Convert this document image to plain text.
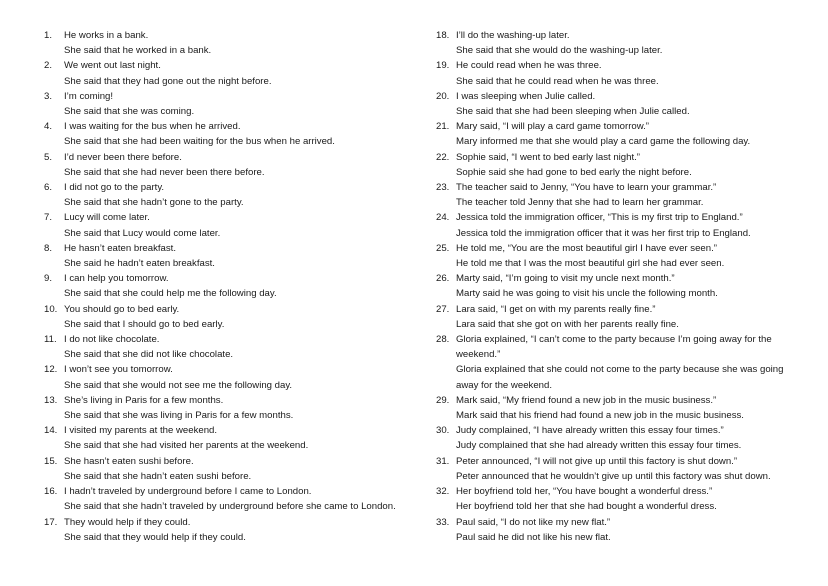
1.	He works in a bank.
She said that he worked in a bank.
2.	We went out last night.
She said that they had gone out the night before.
3.	I’m coming!
She said that she was coming.
4.	I was waiting for the bus when he arrived.
She said that she had been waiting for the bus when he arrived.
5.	I’d never been there before.
She said that she had never been there before.
6.	I did not go to the party.
She said that she hadn’t gone to the party.
7.	Lucy will come later.
She said that Lucy would come later.
8.	He hasn’t eaten breakfast.
She said he hadn’t eaten breakfast.
9.	I can help you tomorrow.
She said that she could help me the following day.
10. You should go to bed early.
She said that I should go to bed early.
11. I do not like chocolate.
She said that she did not like chocolate.
12. I won’t see you tomorrow.
She said that she would not see me the following day.
13. She’s living in Paris for a few months.
She said that she was living in Paris for a few months.
14. I visited my parents at the weekend.
She said that she had visited her parents at the weekend.
15. She hasn’t eaten sushi before.
She said that she hadn’t eaten sushi before.
16. I hadn’t traveled by underground before I came to London.
She said that she hadn’t traveled by underground before she came to London.
17. They would help if they could.
She said that they would help if they could.
18. I’ll do the washing-up later.
She said that she would do the washing-up later.
19. He could read when he was three.
She said that he could read when he was three.
20. I was sleeping when Julie called.
She said that she had been sleeping when Julie called.
21. Mary said, “I will play a card game tomorrow.”
Mary informed me that she would play a card game the following day.
22. Sophie said, “I went to bed early last night.”
Sophie said she had gone to bed early the night before.
23. The teacher said to Jenny, “You have to learn your grammar.”
The teacher told Jenny that she had to learn her grammar.
24. Jessica told the immigration officer, “This is my first trip to England.”
Jessica told the immigration officer that it was her first trip to England.
25. He told me, “You are the most beautiful girl I have ever seen.”
He told me that I was the most beautiful girl she had ever seen.
26. Marty said, “I’m going to visit my uncle next month.”
Marty said he was going to visit his uncle the following month.
27. Lara said, “I get on with my parents really fine.”
Lara said that she got on with her parents really fine.
28. Gloria explained, “I can’t come to the party because I’m going away for the weekend.”
Gloria explained that she could not come to the party because she was going away for the weekend.
29. Mark said, “My friend found a new job in the music business.”
Mark said that his friend had found a new job in the music business.
30. Judy complained, “I have already written this essay four times.”
Judy complained that she had already written this essay four times.
31. Peter announced, “I will not give up until this factory is shut down.”
Peter announced that he wouldn’t give up until this factory was shut down.
32. Her boyfriend told her, “You have bought a wonderful dress.”
Her boyfriend told her that she had bought a wonderful dress.
33. Paul said, “I do not like my new flat.”
Paul said he did not like his new flat.
